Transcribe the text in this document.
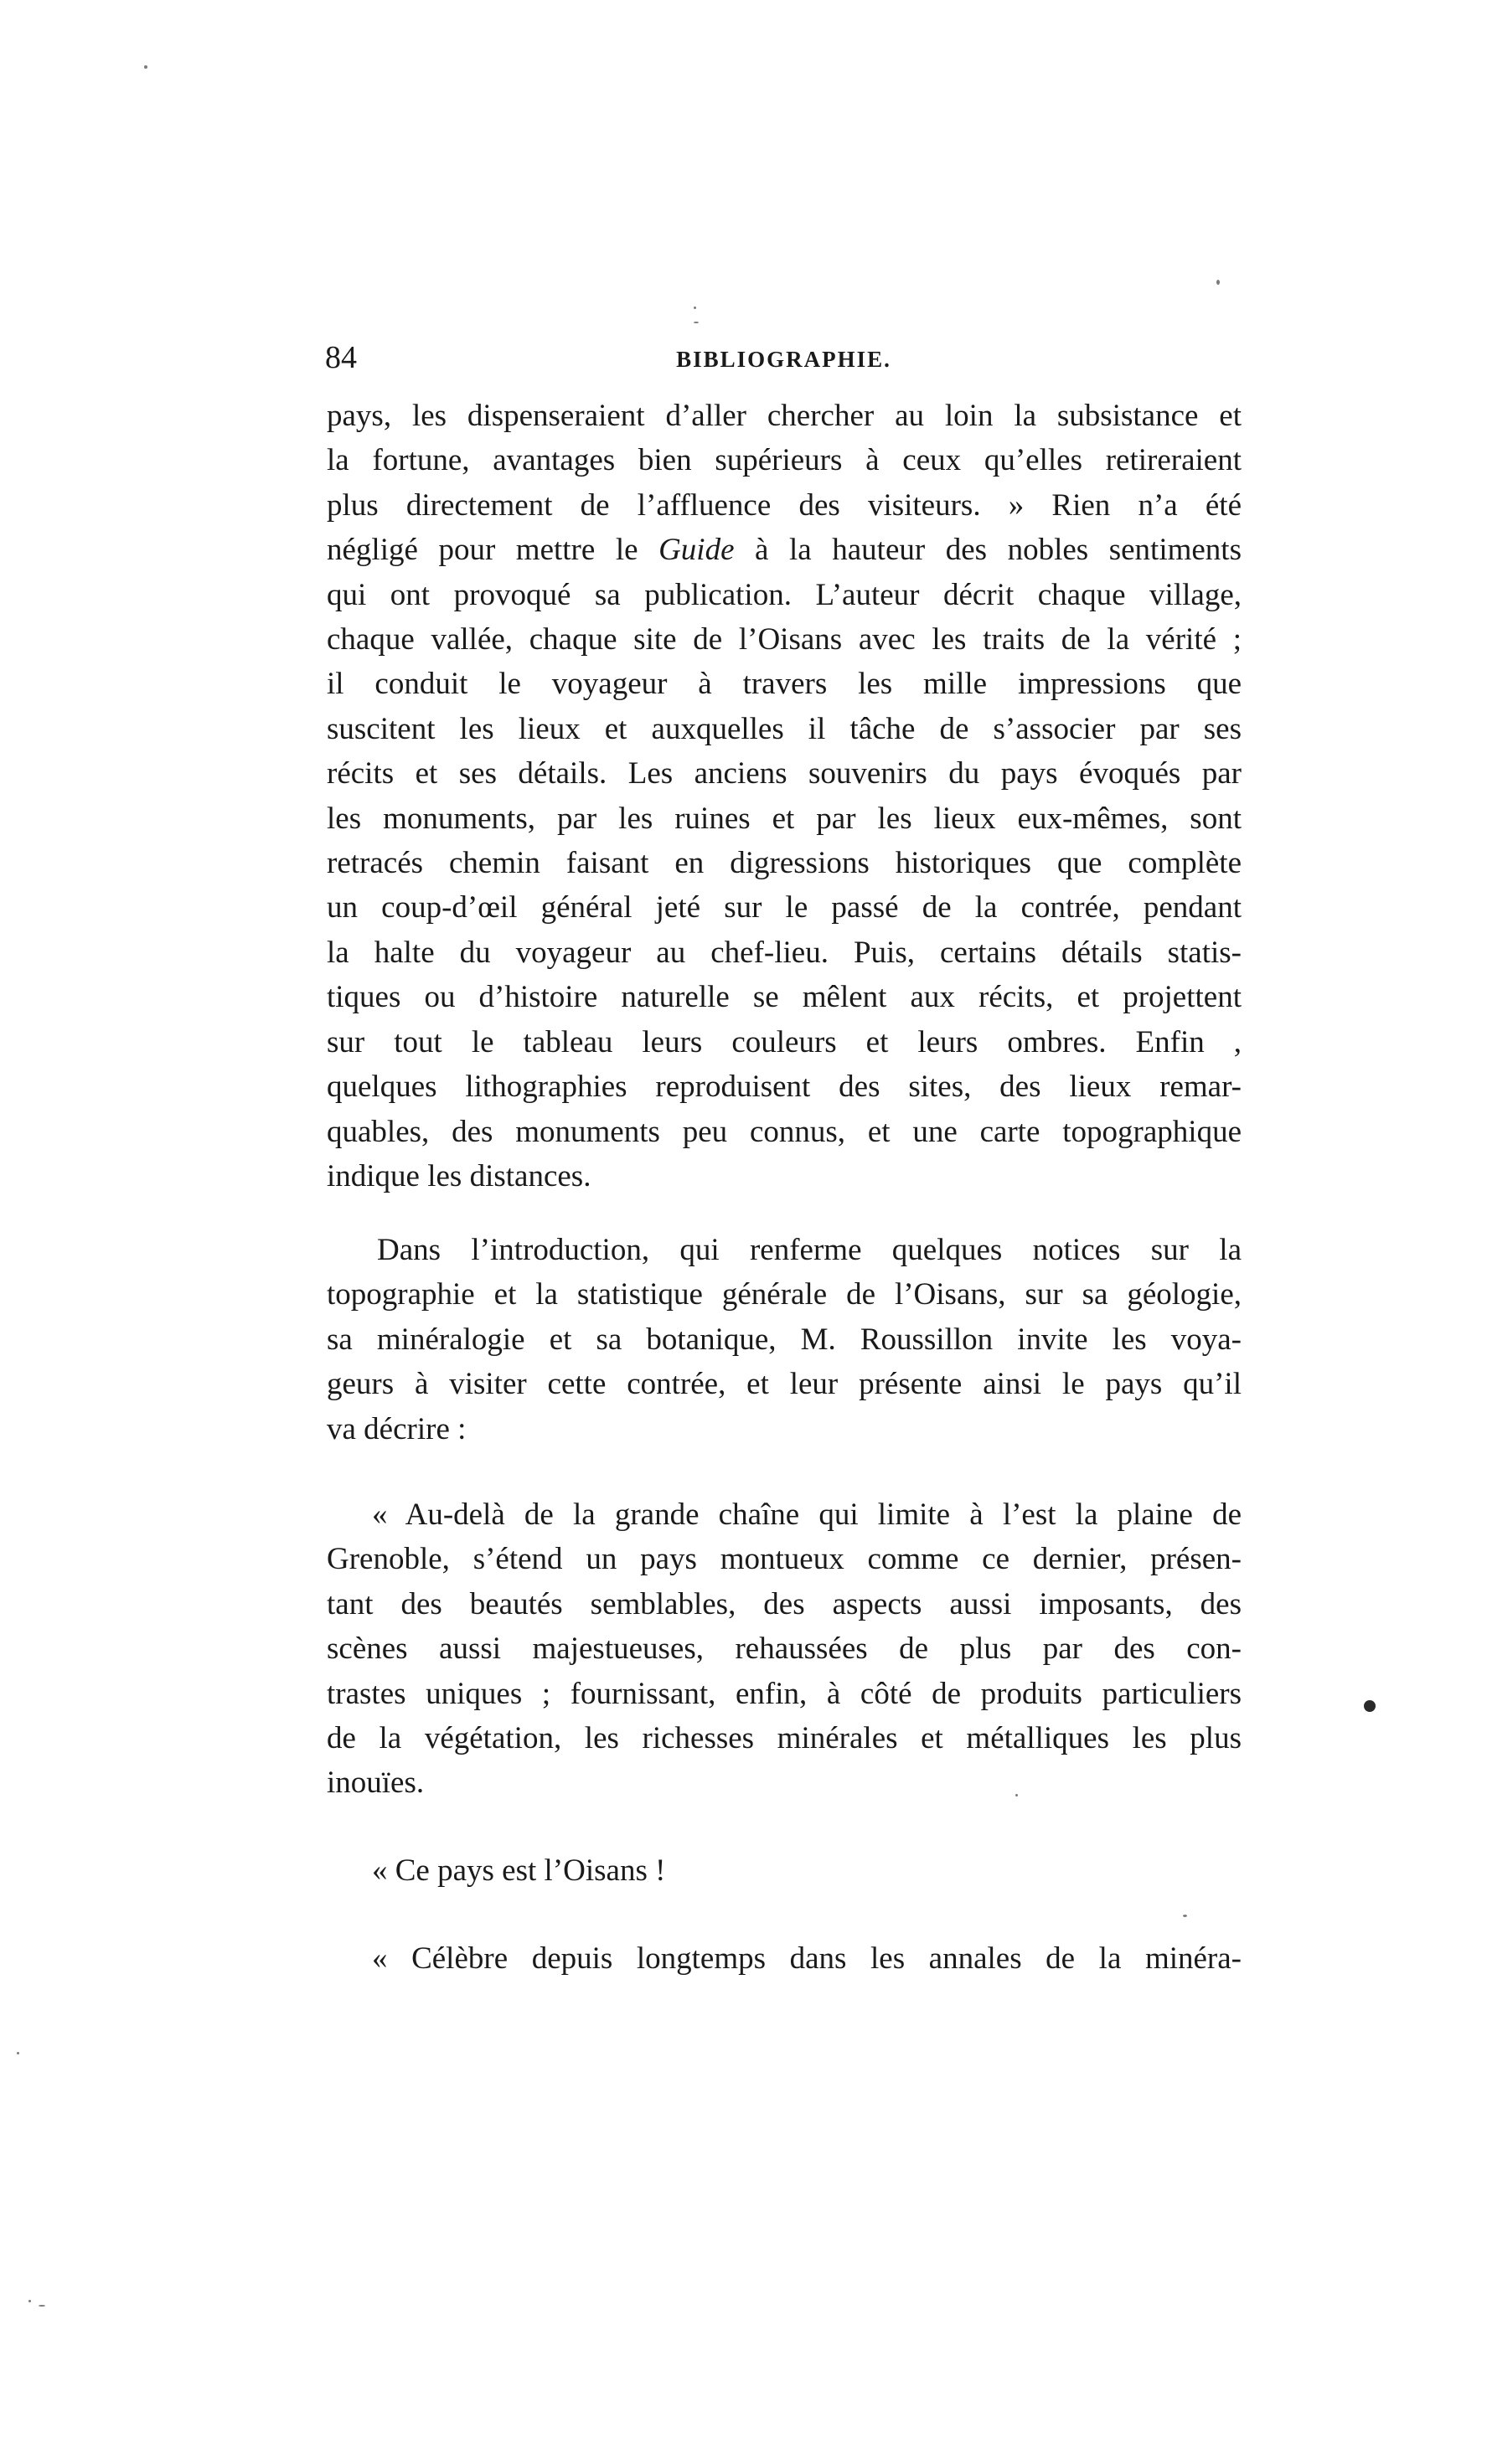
84	BIBLIOGRAPHIE.
pays, les dispenseraient d’aller chercher au loin la subsistance et
la fortune, avantages bien supérieurs à ceux qu’elles retireraient
plus directement de l’affluence des visiteurs. » Rien n’a été
négligé pour mettre le Guide à la hauteur des nobles sentiments
qui ont provoqué sa publication. L’auteur décrit chaque village,
chaque vallée, chaque site de l’Oisans avec les traits de la vérité ;
il conduit le voyageur à travers les mille impressions que
suscitent les lieux et auxquelles il tâche de s’associer par ses
récits et ses détails. Les anciens souvenirs du pays évoqués par
les monuments, par les ruines et par les lieux eux-mêmes, sont
retracés chemin faisant en digressions historiques que complète
un coup-d’œil général jeté sur le passé de la contrée, pendant
la halte du voyageur au chef-lieu. Puis, certains détails statis-
tiques ou d’histoire naturelle se mêlent aux récits, et projettent
sur tout le tableau leurs couleurs et leurs ombres. Enfin ,
quelques lithographies reproduisent des sites, des lieux remar-
quables, des monuments peu connus, et une carte topographique
indique les distances.
Dans l’introduction, qui renferme quelques notices sur la
topographie et la statistique générale de l’Oisans, sur sa géologie,
sa minéralogie et sa botanique, M. Roussillon invite les voya-
geurs à visiter cette contrée, et leur présente ainsi le pays qu’il
va décrire :
« Au-delà de la grande chaîne qui limite à l’est la plaine de
Grenoble, s’étend un pays montueux comme ce dernier, présen-
tant des beautés semblables, des aspects aussi imposants, des
scènes aussi majestueuses, rehaussées de plus par des con-
trastes uniques ; fournissant, enfin, à côté de produits particuliers
de la végétation, les richesses minérales et métalliques les plus
inouïes.
« Ce pays est l’Oisans !
« Célèbre depuis longtemps dans les annales de la minéra-
